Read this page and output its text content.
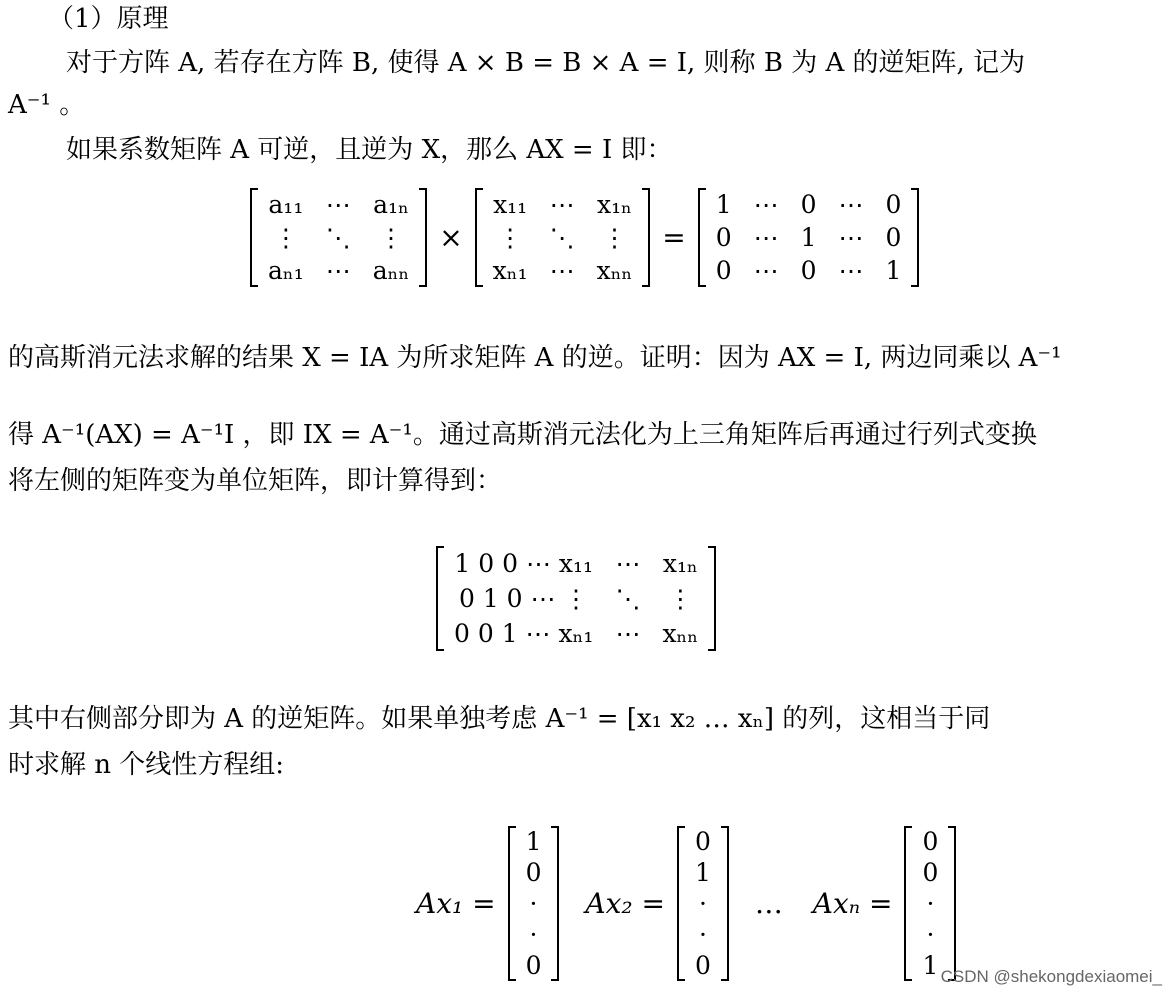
（1）原理
对于方阵 A, 若存在方阵 B, 使得 A × B = B × A = I, 则称 B 为 A 的逆矩阵, 记为
A⁻¹ 。
如果系数矩阵 A 可逆，且逆为 X，那么 AX = I 即：
a₁₁	⋯	a₁ₙ
⋮	⋱	⋮
aₙ₁	⋯	aₙₙ
×
x₁₁	⋯	x₁ₙ
⋮	⋱	⋮
xₙ₁	⋯	xₙₙ
=
1	⋯	0	⋯	0
0	⋯	1	⋯	0
0	⋯	0	⋯	1
的高斯消元法求解的结果 X = IA 为所求矩阵 A 的逆。证明：因为 AX = I, 两边同乘以 A⁻¹
得 A⁻¹(AX) = A⁻¹I ，即 IX = A⁻¹。通过高斯消元法化为上三角矩阵后再通过行列式变换
将左侧的矩阵变为单位矩阵，即计算得到：
1 0 0 ⋯ x₁₁	⋯	x₁ₙ
0 1 0 ⋯ ⋮	⋱	⋮
0 0 1 ⋯ xₙ₁	⋯	xₙₙ
其中右侧部分即为 A 的逆矩阵。如果单独考虑 A⁻¹ = [x₁ x₂ … xₙ] 的列，这相当于同
时求解 n 个线性方程组:
Ax₁ =
1
0
·
·
0
Ax₂ =
0
1
·
·
0
… Axₙ =
0
0
·
·
1 CSDN @shekongdexiaomei_
